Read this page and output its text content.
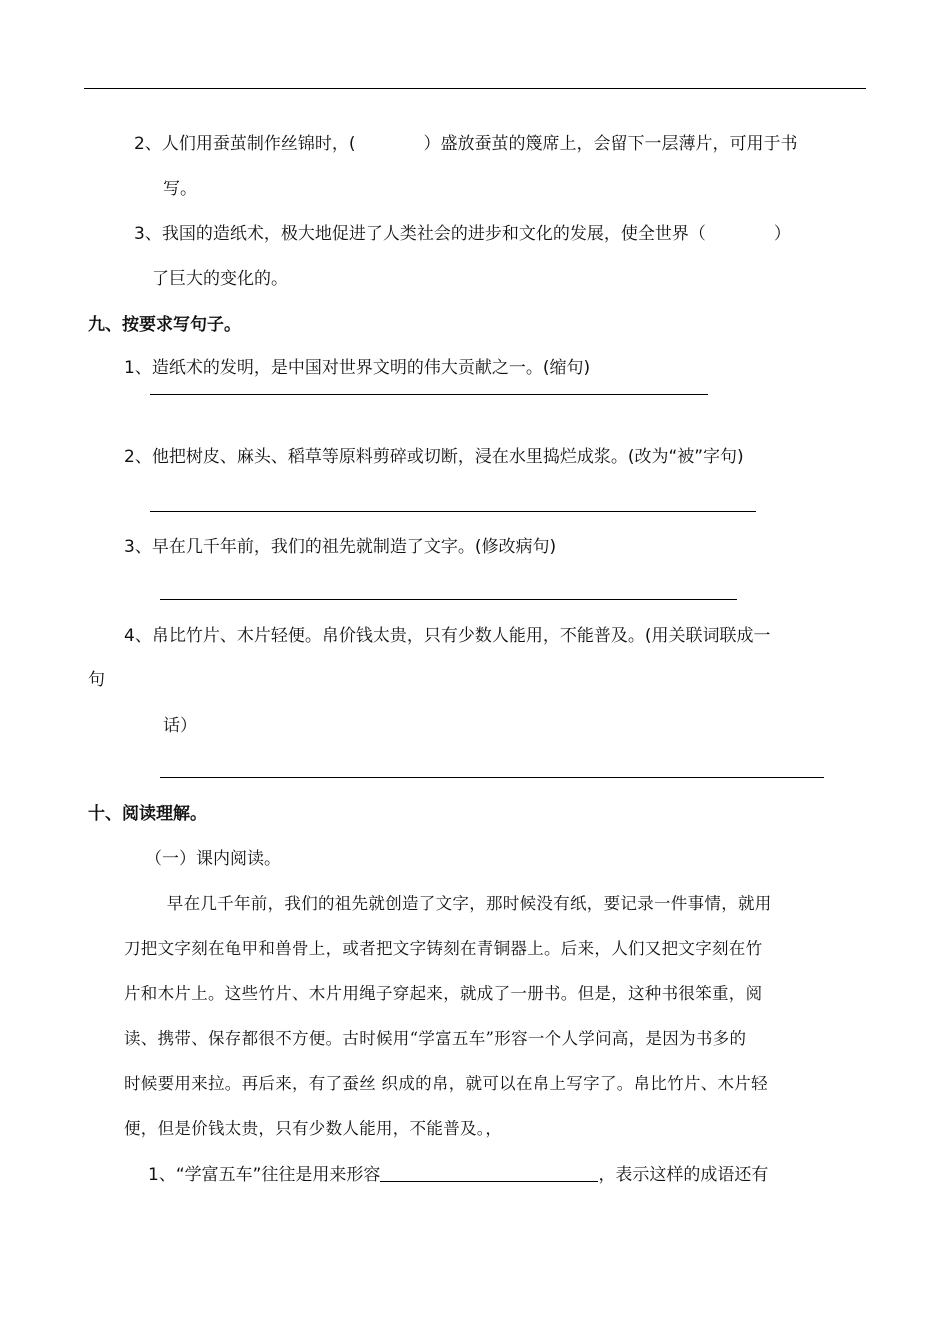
2、人们用蚕茧制作丝锦时，(　　　　）盛放蚕茧的篾席上，会留下一层薄片，可用于书
写。
3、我国的造纸术，极大地促进了人类社会的进步和文化的发展，使全世界（　　　　）
了巨大的变化的。
九、按要求写句子。
1、造纸术的发明，是中国对世界文明的伟大贡献之一。(缩句)
2、他把树皮、麻头、稻草等原料剪碎或切断，浸在水里捣烂成浆。(改为“被”字句)
3、早在几千年前，我们的祖先就制造了文字。(修改病句)
4、帛比竹片、木片轻便。帛价钱太贵，只有少数人能用，不能普及。(用关联词联成一
句
话）
十、阅读理解。
（一）课内阅读。
　早在几千年前，我们的祖先就创造了文字，那时候没有纸，要记录一件事情，就用
刀把文字刻在龟甲和兽骨上，或者把文字铸刻在青铜器上。后来，人们又把文字刻在竹
片和木片上。这些竹片、木片用绳子穿起来，就成了一册书。但是，这种书很笨重，阅
读、携带、保存都很不方便。古时候用“学富五车”形容一个人学问高，是因为书多的
时候要用来拉。再后来，有了蚕丝 织成的帛，就可以在帛上写字了。帛比竹片、木片轻
便，但是价钱太贵，只有少数人能用，不能普及。，
1、“学富五车”往往是用来形容	，表示这样的成语还有
